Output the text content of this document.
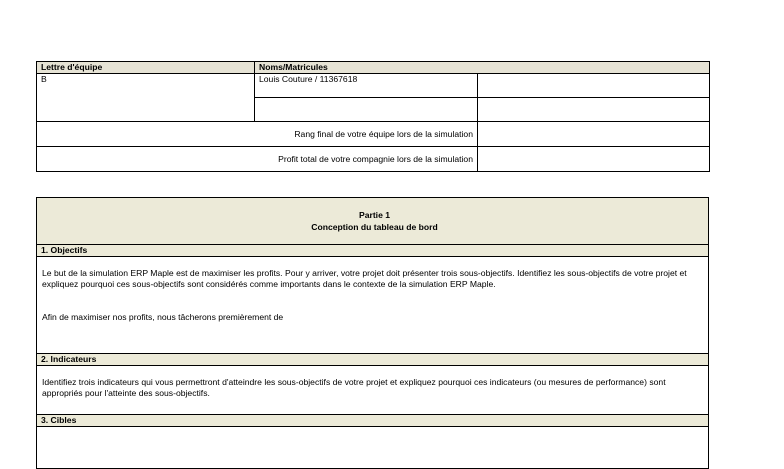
Lettre d'équipe	Noms/Matricules	
B	Louis Couture / 11367618	

Rang final de votre équipe lors de la simulation		
Profit total de votre compagnie lors de la simulation		
Partie 1
Conception du tableau de bord

1. Objectifs

Le but de la simulation ERP Maple est de maximiser les profits. Pour y arriver, votre projet doit présenter trois sous-objectifs. Identifiez les sous-objectifs de votre projet et expliquez pourquoi ces sous-objectifs sont considérés comme importants dans le contexte de la simulation ERP Maple.

Afin de maximiser nos profits, nous tâcherons premièrement de

2. Indicateurs

Identifiez trois indicateurs qui vous permettront d'atteindre les sous-objectifs de votre projet et expliquez pourquoi ces indicateurs (ou mesures de performance) sont appropriés pour l'atteinte des sous-objectifs.

3. Cibles
